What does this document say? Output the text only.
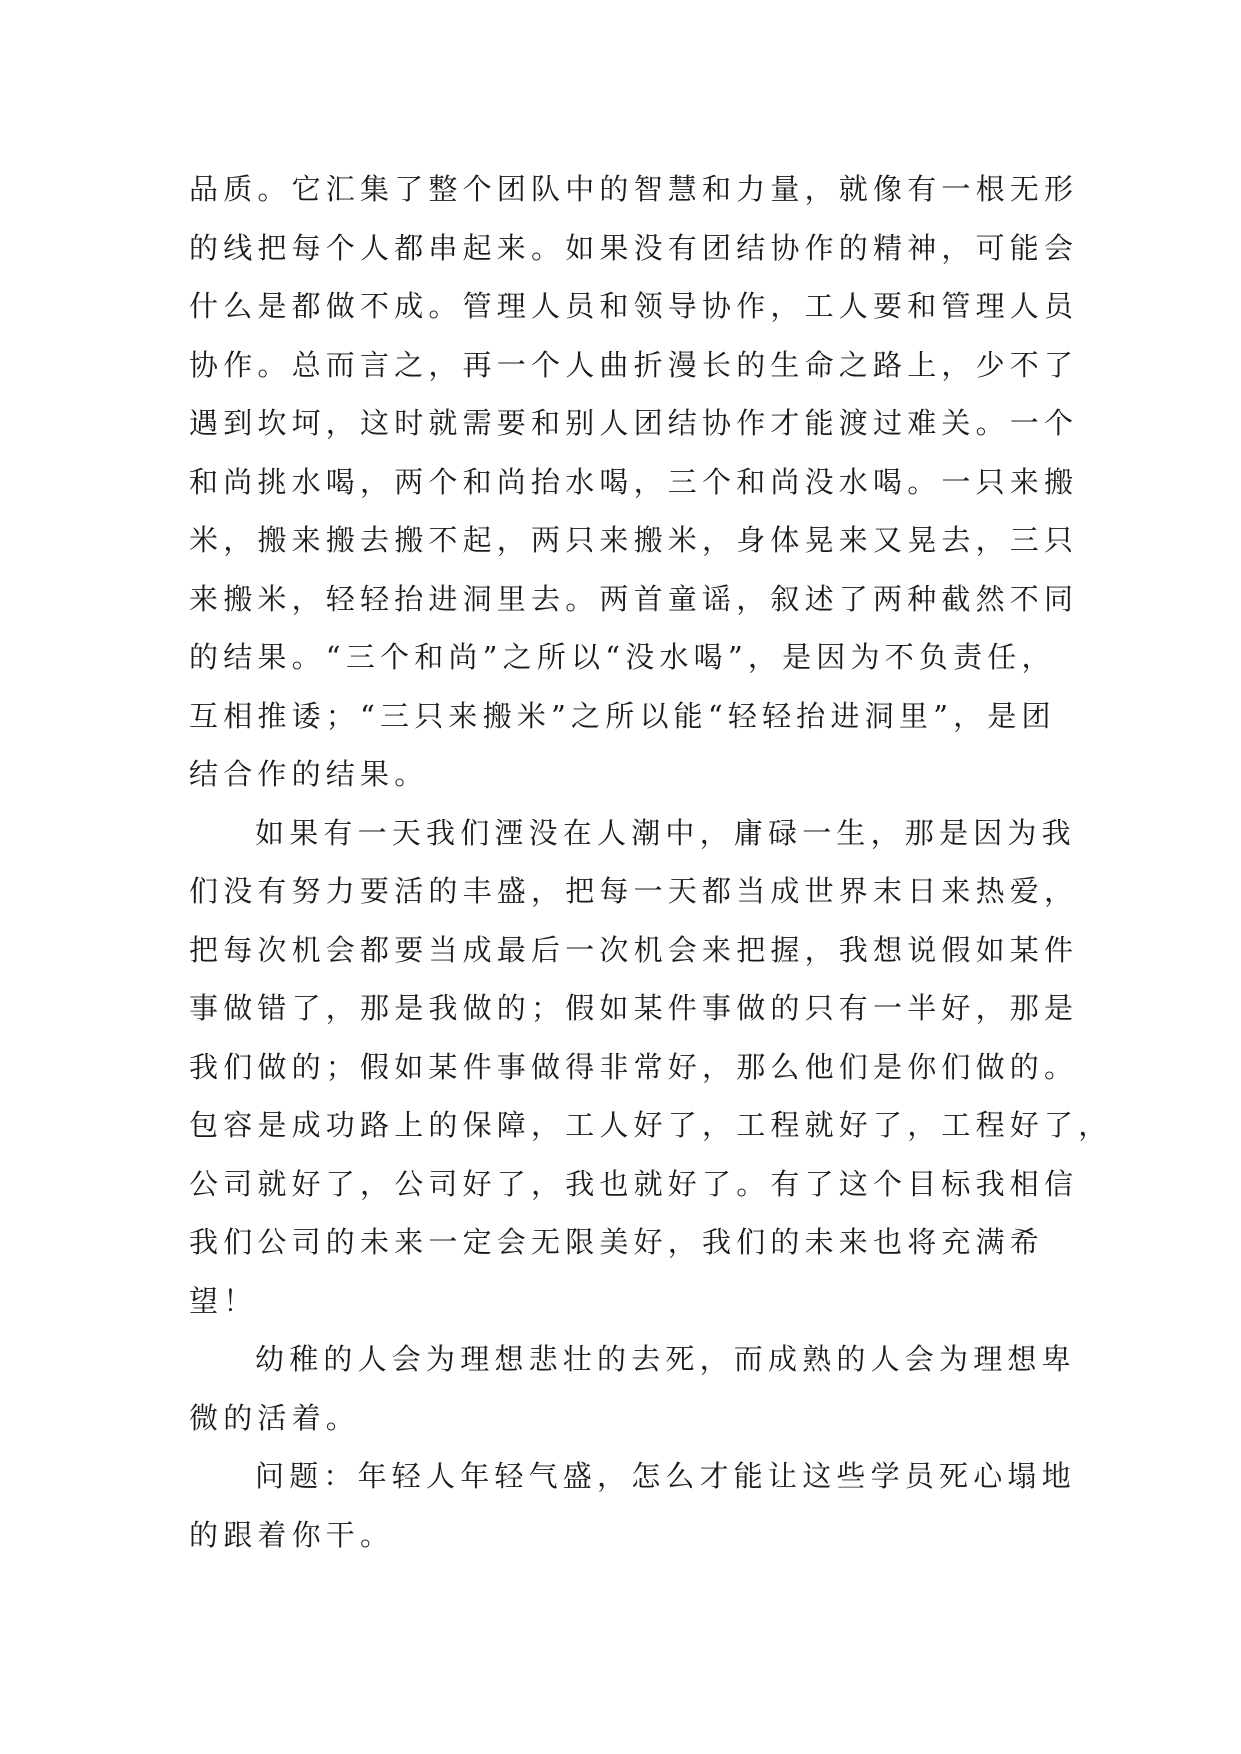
品质。它汇集了整个团队中的智慧和力量，就像有一根无形

的线把每个人都串起来。如果没有团结协作的精神，可能会

什么是都做不成。管理人员和领导协作，工人要和管理人员

协作。总而言之，再一个人曲折漫长的生命之路上，少不了

遇到坎坷，这时就需要和别人团结协作才能渡过难关。一个

和尚挑水喝，两个和尚抬水喝，三个和尚没水喝。一只来搬

米，搬来搬去搬不起，两只来搬米，身体晃来又晃去，三只

来搬米，轻轻抬进洞里去。两首童谣，叙述了两种截然不同

的结果。“三个和尚”之所以“没水喝”，是因为不负责任，

互相推诿；“三只来搬米”之所以能“轻轻抬进洞里”，是团

结合作的结果。

如果有一天我们湮没在人潮中，庸碌一生，那是因为我

们没有努力要活的丰盛，把每一天都当成世界末日来热爱，

把每次机会都要当成最后一次机会来把握，我想说假如某件

事做错了，那是我做的；假如某件事做的只有一半好，那是

我们做的；假如某件事做得非常好，那么他们是你们做的。

包容是成功路上的保障，工人好了，工程就好了，工程好了，

公司就好了，公司好了，我也就好了。有了这个目标我相信

我们公司的未来一定会无限美好，我们的未来也将充满希

望！

幼稚的人会为理想悲壮的去死，而成熟的人会为理想卑

微的活着。

问题：年轻人年轻气盛，怎么才能让这些学员死心塌地

的跟着你干。
